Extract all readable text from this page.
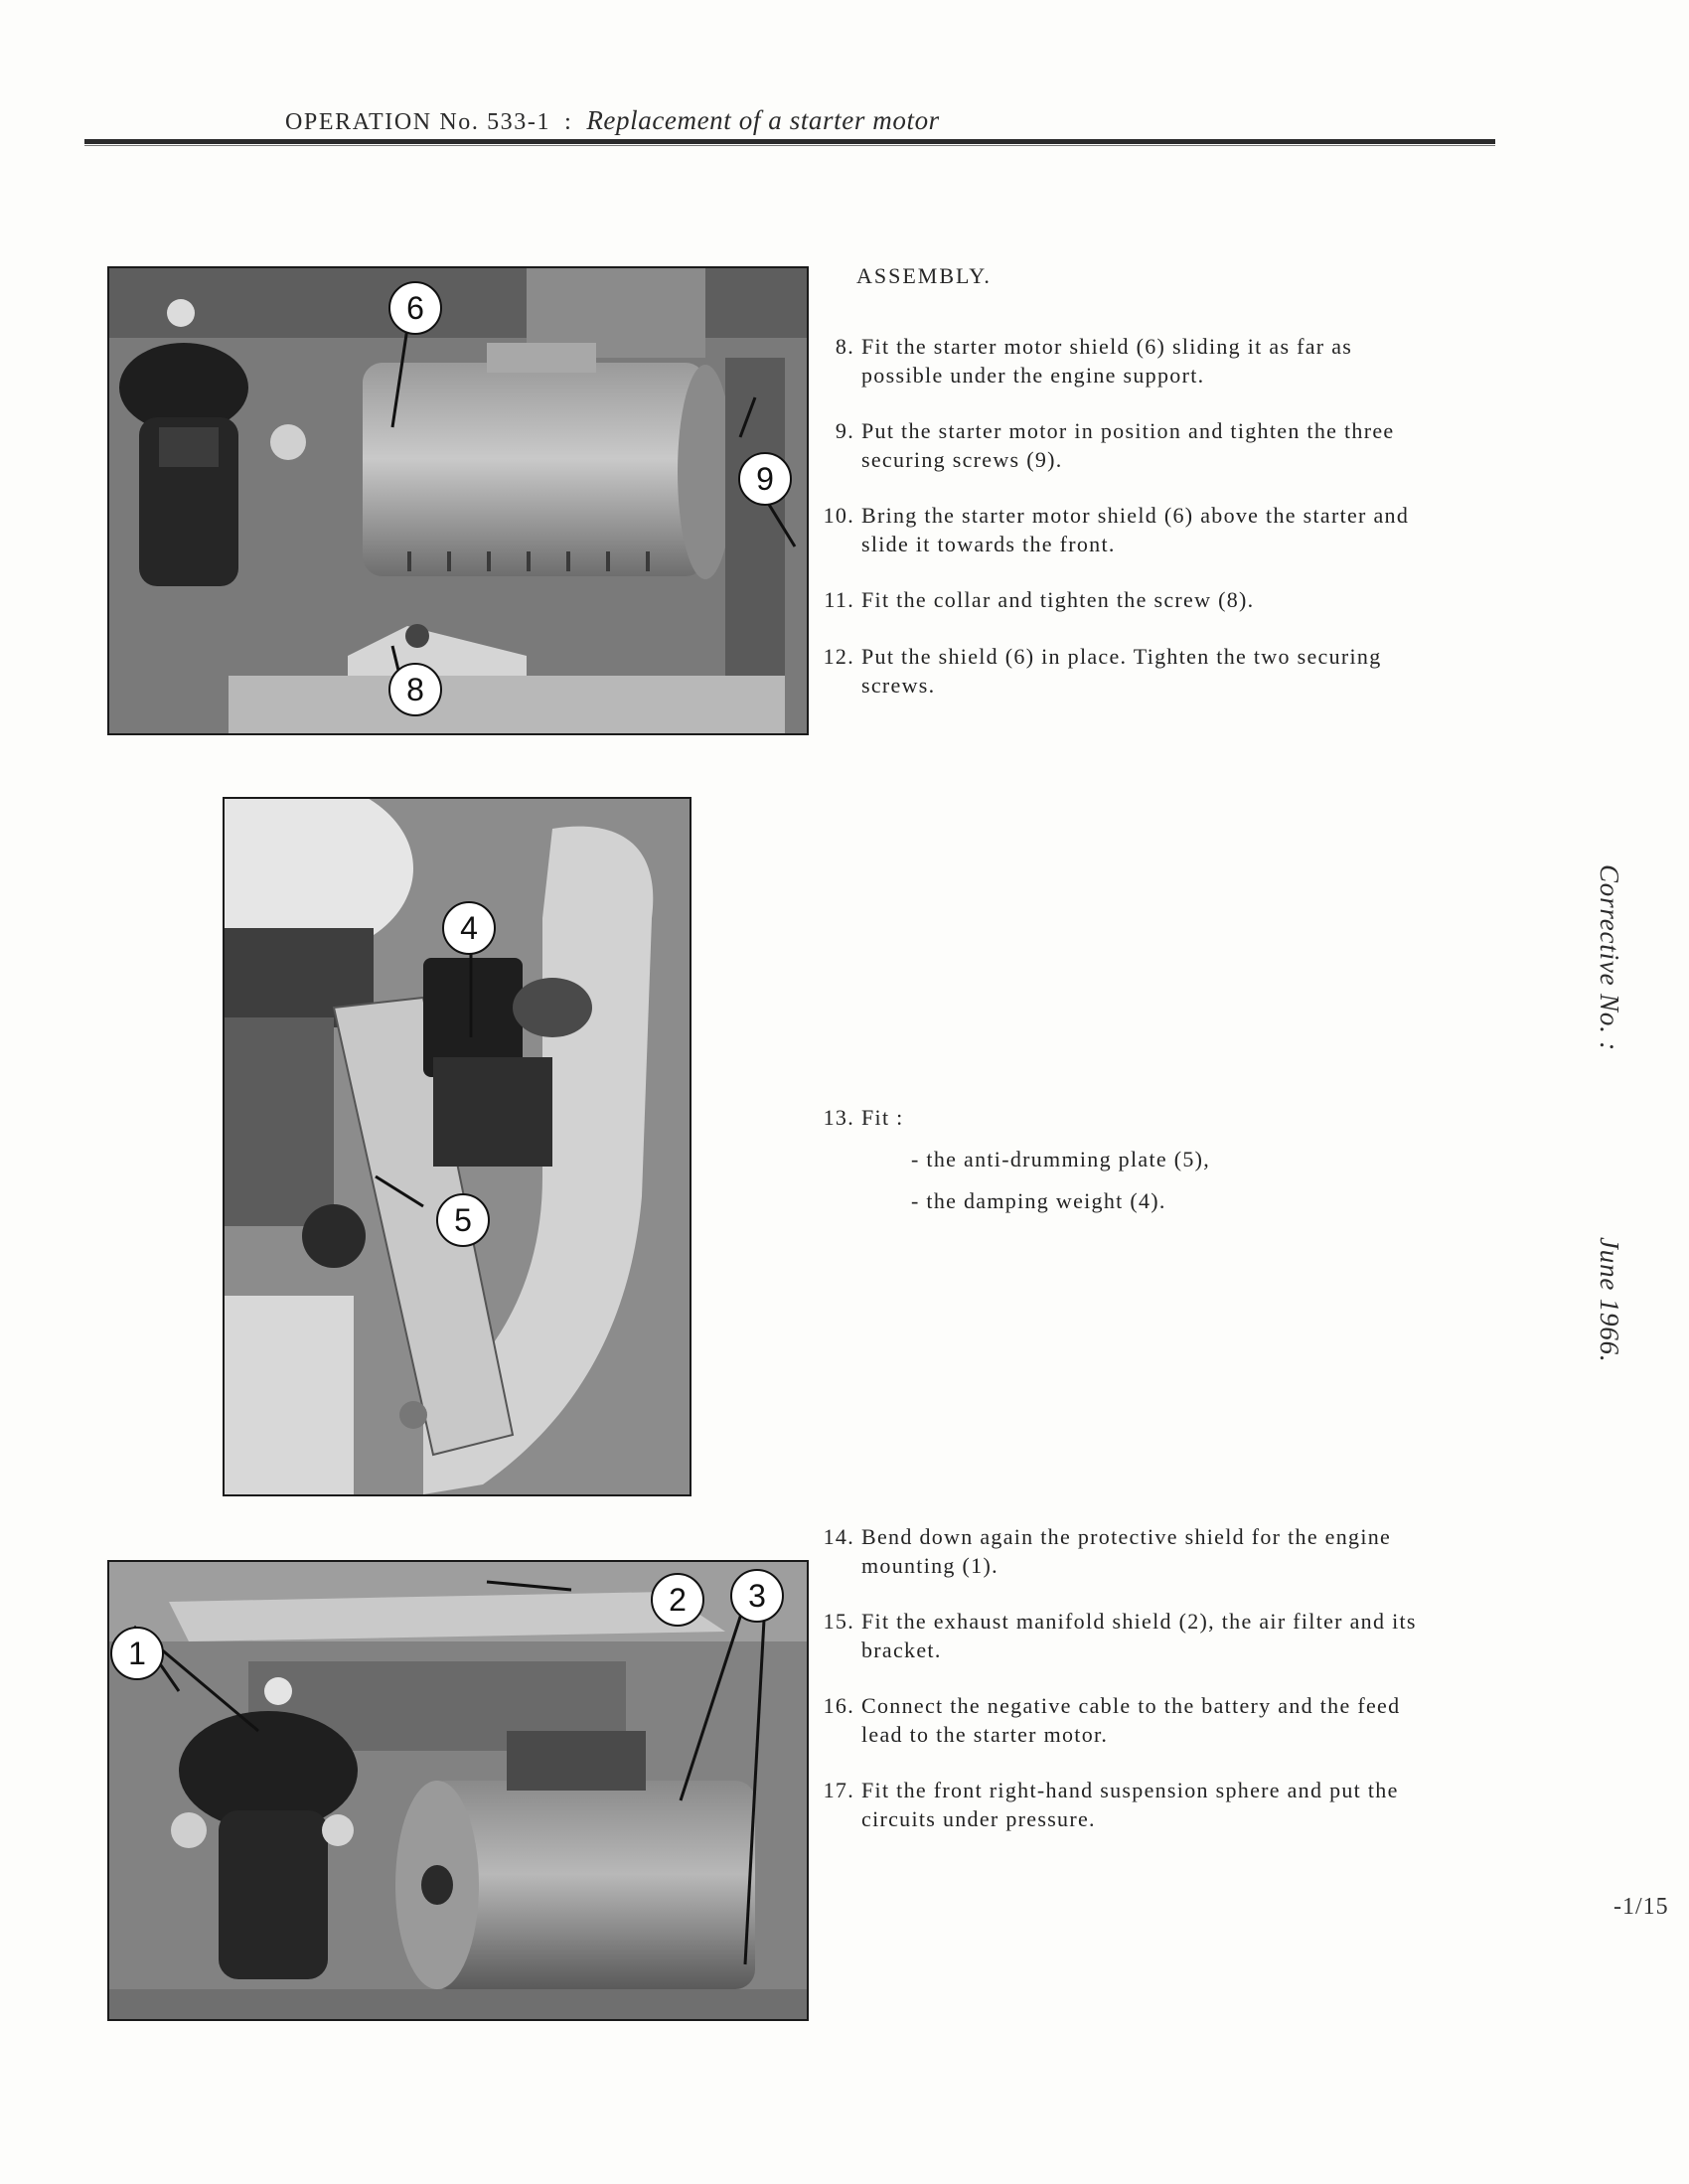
OPERATION No. 533-1 : Replacement of a starter motor
6
9
8
ASSEMBLY.
8. Fit the starter motor shield (6) sliding it as far as possible under the engine support.
9. Put the starter motor in position and tighten the three securing screws (9).
10. Bring the starter motor shield (6) above the starter and slide it towards the front.
11. Fit the collar and tighten the screw (8).
12. Put the shield (6) in place. Tighten the two securing screws.
4
5
13. Fit :
- the anti-drumming plate (5),
- the damping weight (4).
1
2 3
14. Bend down again the protective shield for the engine mounting (1).
15. Fit the exhaust manifold shield (2), the air filter and its bracket.
16. Connect the negative cable to the battery and the feed lead to the starter motor.
17. Fit the front right-hand suspension sphere and put the circuits under pressure.
Corrective No. :
June 1966.
-1/15
